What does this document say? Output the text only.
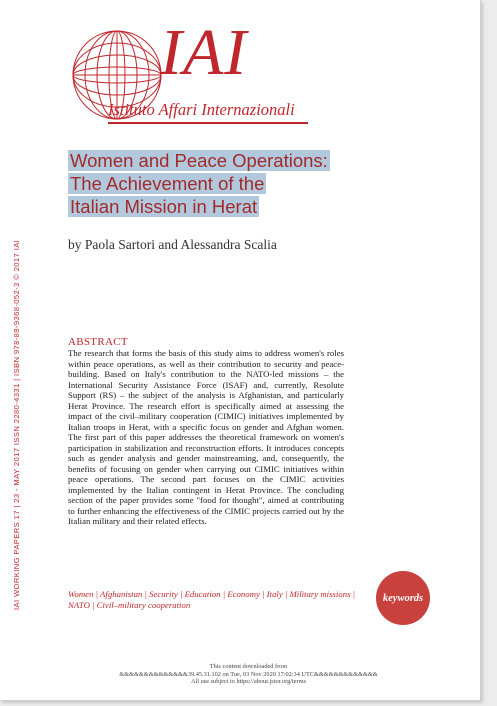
IAI
Istituto Affari Internazionali
IAI WORKING PAPERS 17 | 23 - MAY 2017 ISSN 2280-4331 | ISBN 978-88-9368-052-3 © 2017 IAI
Women and Peace Operations:
The Achievement of the
Italian Mission in Herat
by Paola Sartori and Alessandra Scalia
ABSTRACT

The research that forms the basis of this study aims to address women's roles within peace operations, as well as their contribution to security and peace-building. Based on Italy's contribution to the NATO-led missions – the International Security Assistance Force (ISAF) and, currently, Resolute Support (RS) – the subject of the analysis is Afghanistan, and particularly Herat Province. The research effort is specifically aimed at assessing the impact of the civil–military cooperation (CIMIC) initiatives implemented by Italian troops in Herat, with a specific focus on gender and Afghan women. The first part of this paper addresses the theoretical framework on women's participation in stabilization and reconstruction efforts. It introduces concepts such as gender analysis and gender mainstreaming, and, consequently, the benefits of focusing on gender when carrying out CIMIC initiatives within peace operations. The second part focuses on the CIMIC activities implemented by the Italian contingent in Herat Province. The concluding section of the paper provides some "food for thought", aimed at contributing to further enhancing the effectiveness of the CIMIC projects carried out by the Italian military and their related effects.

Women | Afghanistan | Security | Education | Economy | Italy | Military missions | NATO | Civil–military cooperation
keywords
This content downloaded from
&&&&&&&&&&&&&&39.45.31.102 on Tue, 03 Nov 2020 17:02:34 UTC&&&&&&&&&&&&&
All use subject to https://about.jstor.org/terms
